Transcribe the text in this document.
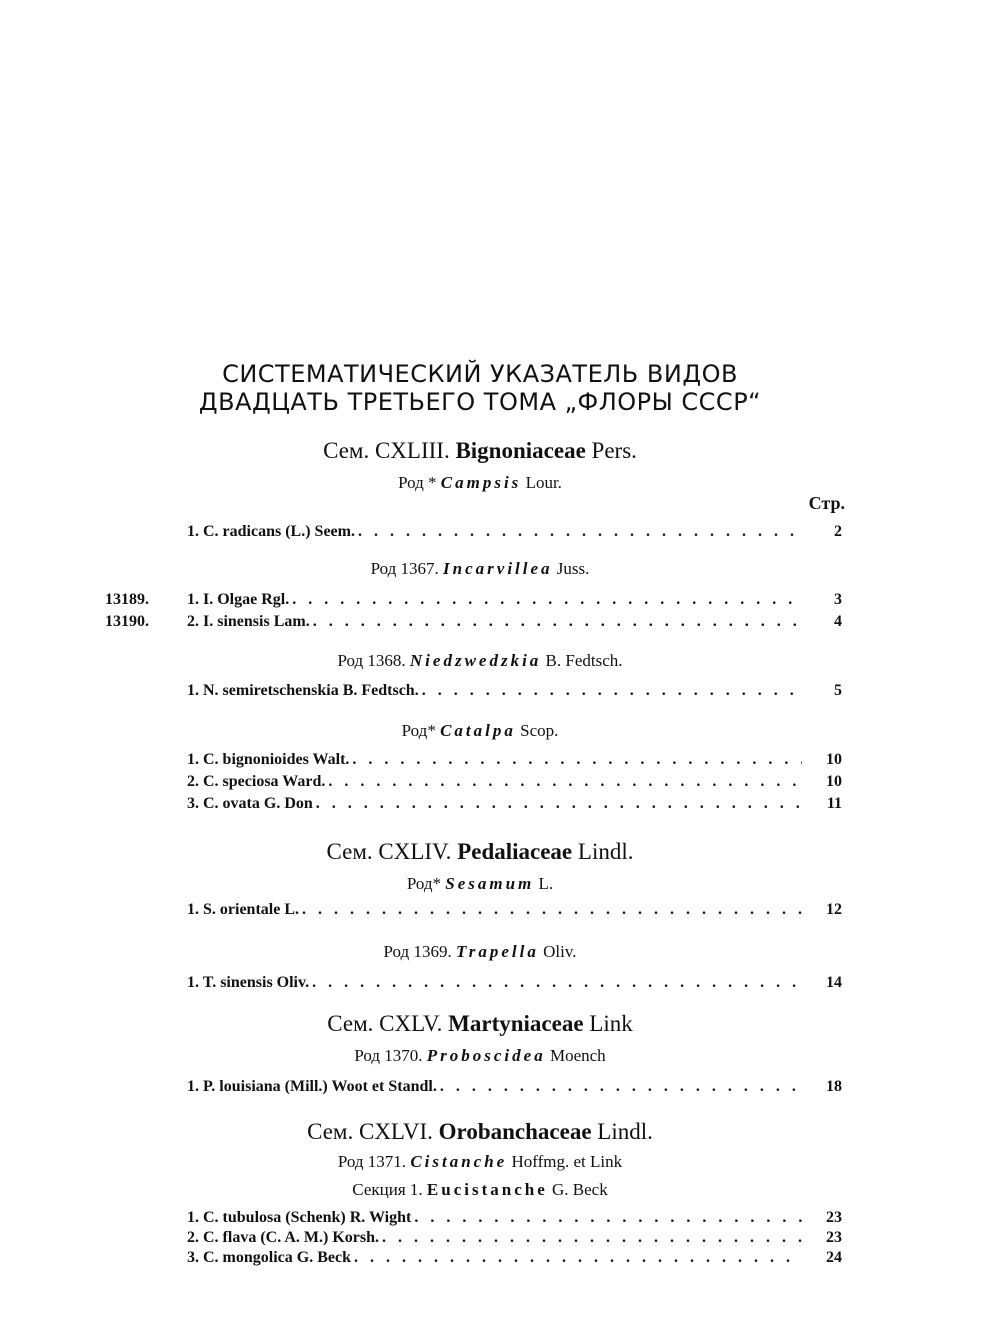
СИСТЕМАТИЧЕСКИЙ УКАЗАТЕЛЬ ВИДОВ
ДВАДЦАТЬ ТРЕТЬЕГО ТОМА „ФЛОРЫ СССР“
Сем. CXLIII. Bignoniaceae Pers.
Род * Campsis Lour.
Стр.
1. C. radicans (L.) Seem. . . .	2
Род 1367. Incarvillea Juss.
13189.	1. I. Olgae Rgl. . . .	3
13190.	2. I. sinensis Lam. . . .	4
Род 1368. Niedzwedzkia B. Fedtsch.
1. N. semiretschenskia B. Fedtsch. . . .	5
Род* Catalpa Scop.
1. C. bignonioides Walt. . . .	10
2. C. speciosa Ward. . . .	10
3. C. ovata G. Don . . .	11
Сем. CXLIV. Pedaliaceae Lindl.
Род* Sesamum L.
1. S. orientale L. . . .	12
Род 1369. Trapella Oliv.
1. T. sinensis Oliv. . . .	14
Сем. CXLV. Martyniaceae Link
Род 1370. Proboscidea Moench
1. P. louisiana (Mill.) Woot et Standl. . . .	18
Сем. CXLVI. Orobanchaceae Lindl.
Род 1371. Cistanche Hoffmg. et Link
Секция 1. Eucistanche G. Beck
1. C. tubulosa (Schenk) R. Wight . . .	23
2. C. flava (C. A. M.) Korsh. . . .	23
3. C. mongolica G. Beck . . .	24
